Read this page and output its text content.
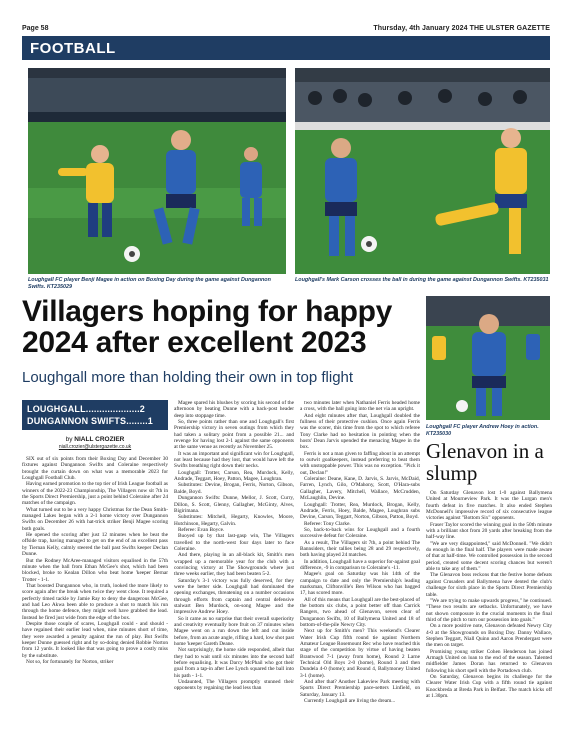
Page 58	Thursday, 4th January 2024 THE ULSTER GAZETTE
FOOTBALL
Loughgall FC player Benji Magee in action on Boxing Day during the game against Dungannon Swifts. KT235029
Loughgall's Mark Carson crosses the ball in during the game against Dungannon Swifts. KT235031
Villagers hoping for happy 2024 after excellent 2023
Loughgall more than holding their own in top flight
Loughgall FC player Andrew Hoey in action. KT235030
LOUGHGALL....................2
DUNGANNON SWIFTS........1
by NIALL CROZIER
niall.crozier@ulstergazette.co.uk

SIX out of six points from their Boxing Day and December 30 fixtures against Dungannon Swifts and Coleraine respectively brought the curtain down on what was a memorable 2023 for Loughgall Football Club.

Having earned promotion to the top tier of Irish League football as winners of the 2022-23 Championship, The Villagers now sit 7th in the Sports Direct Premiership, just a point behind Coleraine after 24 matches of the campaign.

What turned out to be a very happy Christmas for the Dean Smith-managed Lakes began with a 2-1 home victory over Dungannon Swifts on December 26 with hat-trick striker Benji Magee scoring both goals.

He opened the scoring after just 12 minutes when he beat the offside trap, having managed to get on the end of an excellent pass by Tiernan Kelly, calmly steered the ball past Swifts keeper Declan Dunne.

But the Rodney McAree-managed visitors equalised in the 57th minute when the ball from Ethan McGee's shot, which had been blocked, broke to Kealan Dillon who beat home 'keeper Bernar Trotter - 1-1.

That boosted Dungannon who, in truth, looked the more likely to score again after the break when twice they went close. It required a perfectly timed tackle by Jamie Ray to deny the dangerous McGee, and had Leo Akwa been able to produce a shot to match his run through the home defence, they might well have grabbed the lead. Instead he fired just wide from the edge of the box.

Despite those couple of scares, Loughgall could - and should - have regained their earlier lead when, nine minutes short of time, they were awarded a penalty against the run of play. But Swifts keeper Dunne guessed right and by so-doing denied Robbie Norton from 12 yards. It looked like that was going to prove a costly miss by the substitute.

Not so, for fortunately for Norton, striker

Magee spared his blushes by scoring his second of the afternoon by beating Dunne with a back-post header deep into stoppage time.

So, three points rather than one and Loughgall's first Premiership victory in seven outings from which they had taken a solitary point from a possible 21... and revenge for having lost 2-1 against the same opponents at the same venue as recently as November 25.

It was an important and significant win for Loughgall, not least because had they lost, that would have left the Swifts breathing right down their necks.

Loughgall: Trotter, Carson, Rea, Murdock, Kelly, Andrade, Teggart, Hoey, Patton, Magee, Loughran.

Substitutes: Devine, Brogan, Ferris, Norton, Gibson, Balde, Boyd.

Dungannon Swifts: Dunne, Mellor, J. Scott, Curry, Dillon, S. Scott, Glenny, Gallagher, McGinty, Alves, Bigirimana.

Substitutes: Mitchell, Hegarty, Knowles, Moore, Hutchinson, Hegarty, Galvin.

Referee: Evan Boyce.

Buoyed up by that last-gasp win, The Villagers travelled to the north-west four days later to face Coleraine.

And there, playing in an all-black kit, Smith's men wrapped up a memorable year for the club with a convincing victory at The Showgrounds where just three weeks earlier, they had been beaten 5-2.

Saturday's 3-1 victory was fully deserved, for they were the better side. Loughgall had dominated the opening exchanges, threatening on a number occasions through efforts from captain and central defensive stalwart Ben Murdock, on-song Magee and the impressive Andrew Hoey.

So it came as no surprise that their overall superiority and creativity eventually bore fruit on 37 minutes when Magee went on a run down the left and cut inside before, from an acute angle, rifling a hard, low shot past home 'keeper Gareth Deane.

Not surprisingly, the home side responded, albeit that they had to wait until six minutes into the second half before equalising. It was Darcy McPhail who got their goal from a tap-in after Lee Lynch squared the ball into his path - 1-1.

Undaunted, The Villagers promptly stunned their opponents by regaining the lead less than

two minutes later when Nathaniel Ferris headed home a cross, with the ball going into the net via an upright.

And eight minutes after that, Loughgall doubled the fullness of their protective cushion. Once again Ferris was the scorer, this time from the spot to which referee Tony Clarke had no hesitation in pointing when the hosts' Dean Jarvis upended the menacing Magee in the box.

Ferris is not a man given to faffing about in an attempt to outwit goalkeepers, instead preferring to beat them with unstoppable power. This was no exception. "Pick it out, Declan!"

Coleraine: Deane, Kane, D. Jarvis, S. Jarvis, McDaid, Farren, Lynch, Gilo, O'Mahony, Scott, O'Hara-subs Gallagher, Lavery, Mitchell, Wallace, McCrudden, McLaughlin, Devine.

Loughgall: Trotter, Rea, Murdock, Brogan, Kelly, Andrade, Ferris, Hoey, Balde, Magee, Loughran subs Devine, Carson, Teggart, Norton, Gibson, Patton, Boyd.

Referee: Tony Clarke.

So, back-to-back wins for Loughgall and a fourth successive defeat for Coleraine.

As a result, The Villagers sit 7th, a point behind The Bannsiders, their tallies being 28 and 29 respectively, both having played 24 matches.

In addition, Loughgall have a superior for-against goal difference, -9 in comparison to Coleraine's -11.

Magee's goal on Saturday was his 14th of the campaign to date and only the Premiership's leading marksman, Cliftonville's Ben Wilson who has bagged 17, has scored more.

All of this means that Loughgall are the best-placed of the bottom six clubs, a point better off than Carrick Rangers, two ahead of Glenavon, seven clear of Dungannon Swifts, 10 of Ballymena United and 18 of bottom-of-the-pile Newry City.

Next up for Smith's men? This weekend's Clearer Water Irish Cup fifth round tie against Northern Amateur League Rosemount Rec who have reached this stage of the competition by virtue of having beaten Brantwood 7-1 (away from home), Round 2 Larne Technical Old Boys 2-0 (home), Round 3 and then Dundela 4-0 (home); and Round 4, Ballymoney United 3-1 (home).

And after that? Another Lakeview Park meeting with Sports Direct Premiership pace-setters Linfield, on Saturday, January 13.

Currently Loughgall are living the dream...

Glenavon in a slump

On Saturday Glenavon lost 1-0 against Ballymena United at Mourneview Park. It was the Lurgan men's fourth defeat in five matches. It also ended Stephen McDonnell's impressive record of six consecutive league victories against "Bottom Six" opponents.

Fraser Taylor scored the winning goal in the 50th minute with a brilliant shot from 20 yards after breaking from the half-way line.

"We are very disappointed," said McDonnell. "We didn't do enough in the final half. The players were made aware of that at half-time. We controlled possession in the second period, created some decent scoring chances but weren't able to take any of them."

The Glenavon boss reckons that the festive home defeats against Crusaders and Ballymena have dented the club's challenge for sixth place in the Sports Direct Premiership table.

"We are trying to make upwards progress," he continued. "These two results are setbacks. Unfortunately, we have not shown composure in the crucial moments in the final third of the pitch to turn our possession into goals."

On a more positive note, Glenavon defeated Newry City 4-0 at the Showgrounds on Boxing Day. Danny Wallace, Stephen Teggart, Niall Quinn and Aaron Prendergast were the men on target.

Promising young striker Cohen Henderson has joined Armagh United on loan to the end of the season. Talented midfielder James Doran has returned to Glenavon following his short spell with the Portadown club.

On Saturday, Glenavon begins its challenge for the Clearer Water Irish Cup with a fifth round tie against Knockbreda at Breda Park in Belfast. The match kicks off at 1.30pm.
